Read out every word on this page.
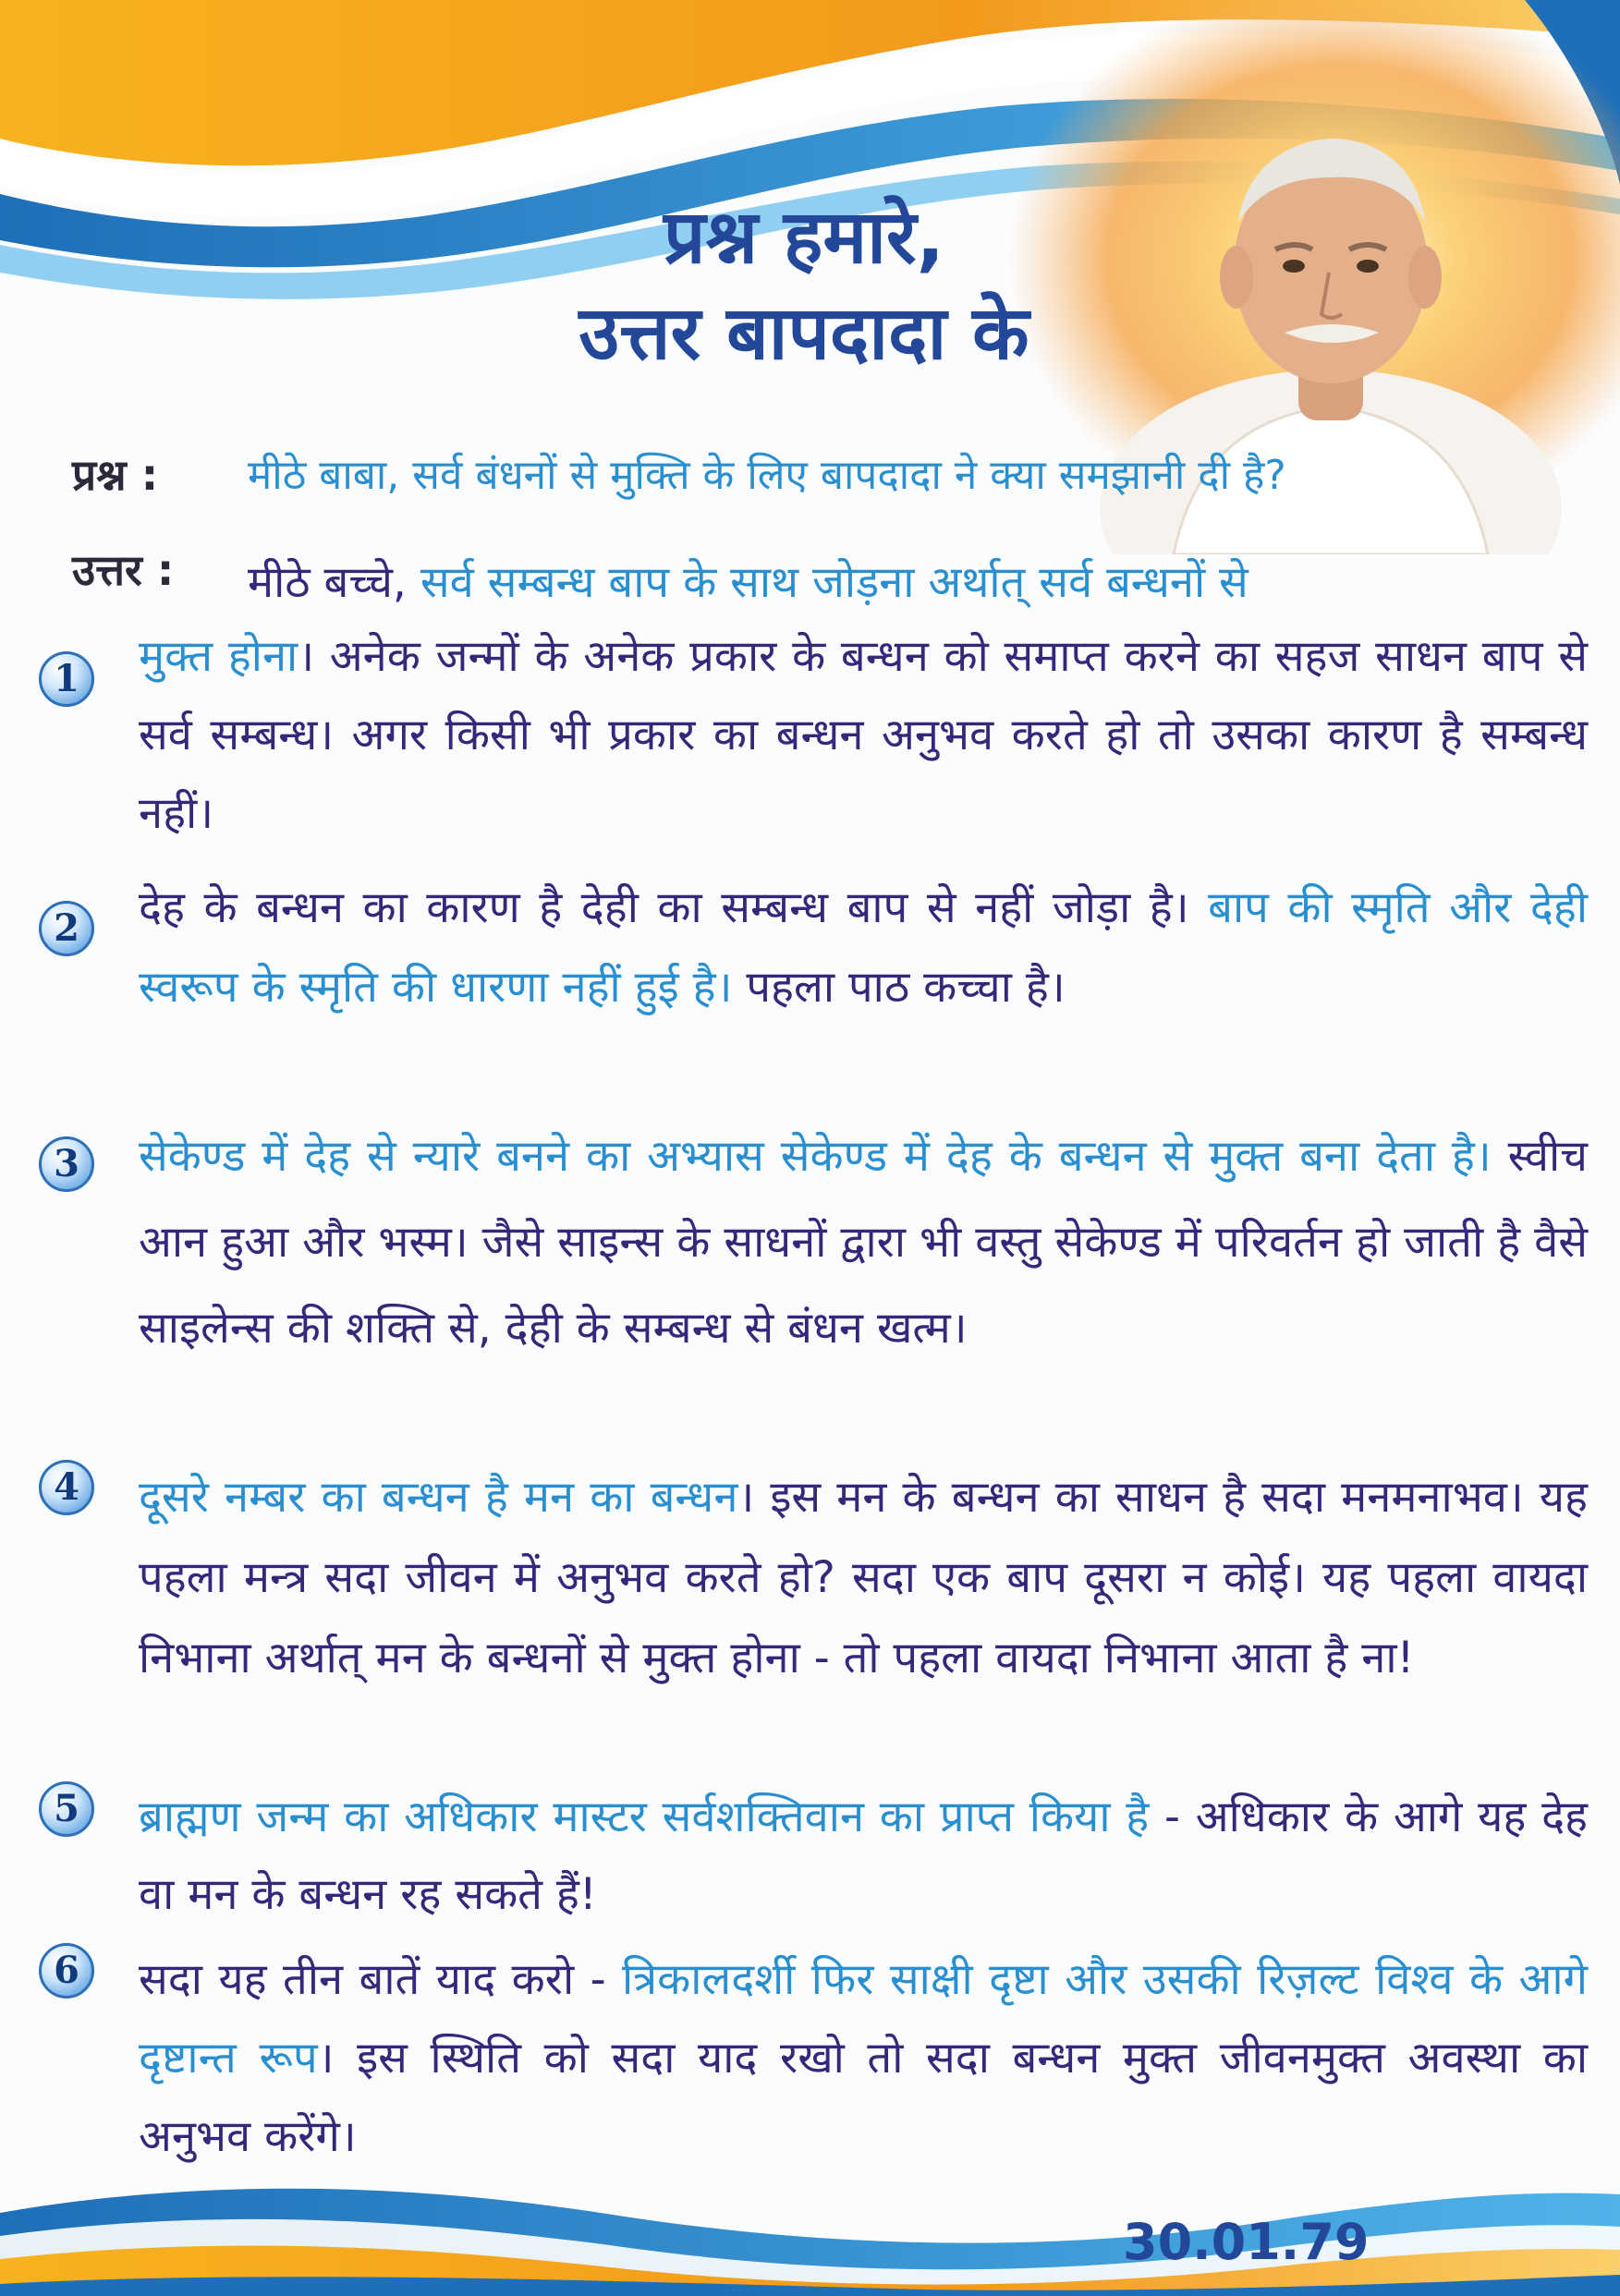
प्रश्न हमारे,
उत्तर बापदादा के
प्रश्न : मीठे बाबा, सर्व बंधनों से मुक्ति के लिए बापदादा ने क्या समझानी दी है?
उत्तर :	मीठे बच्चे, सर्व सम्बन्ध बाप के साथ जोड़ना अर्थात् सर्व बन्धनों से
1
2
3
4
5
6
मुक्त होना। अनेक जन्मों के अनेक प्रकार के बन्धन को समाप्त करने का सहज साधन बाप से सर्व सम्बन्ध। अगर किसी भी प्रकार का बन्धन अनुभव करते हो तो उसका कारण है सम्बन्ध नहीं।
देह के बन्धन का कारण है देही का सम्बन्ध बाप से नहीं जोड़ा है। बाप की स्मृति और देही स्वरूप के स्मृति की धारणा नहीं हुई है। पहला पाठ कच्चा है।
सेकेण्ड में देह से न्यारे बनने का अभ्यास सेकेण्ड में देह के बन्धन से मुक्त बना देता है। स्वीच आन हुआ और भस्म। जैसे साइन्स के साधनों द्वारा भी वस्तु सेकेण्ड में परिवर्तन हो जाती है वैसे साइलेन्स की शक्ति से, देही के सम्बन्ध से बंधन खत्म।
दूसरे नम्बर का बन्धन है मन का बन्धन। इस मन के बन्धन का साधन है सदा मनमनाभव। यह पहला मन्त्र सदा जीवन में अनुभव करते हो? सदा एक बाप दूसरा न कोई। यह पहला वायदा निभाना अर्थात् मन के बन्धनों से मुक्त होना - तो पहला वायदा निभाना आता है ना!
ब्राह्मण जन्म का अधिकार मास्टर सर्वशक्तिवान का प्राप्त किया है - अधिकार के आगे यह देह वा मन के बन्धन रह सकते हैं!
सदा यह तीन बातें याद करो - त्रिकालदर्शी फिर साक्षी दृष्टा और उसकी रिज़ल्ट विश्व के आगे दृष्टान्त रूप। इस स्थिति को सदा याद रखो तो सदा बन्धन मुक्त जीवनमुक्त अवस्था का अनुभव करेंगे।
30.01.79
